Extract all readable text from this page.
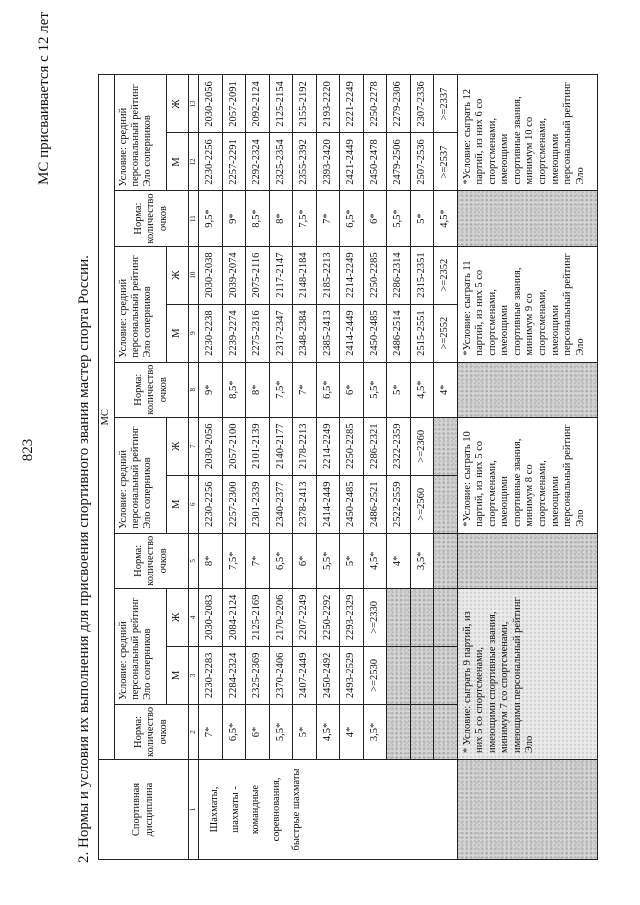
823	2. Нормы и условия их выполнения для присвоения спортивного звания мастер спорта России.
МС присваивается с 12 лет
Спортивная дисциплина	МС											
	Норма: количество очков	Условие: средний персональный рейтинг Эло соперников		Норма: количество очков	Условие: средний персональный рейтинг Эло соперников		Норма: количество очков	Условие: средний персональный рейтинг Эло соперников		Норма: количество очков	Условие: средний персональный рейтинг Эло соперников	
		М	Ж		М	Ж		М	Ж		М	Ж
1	2	3	4	5	6	7	8	9	10	11	12	13

Шахматы, шахматы - командные соревнования, быстрые шахматы	7*	2230-2283	2030-2083	8*	2230-2256	2030-2056	9*	2230-2238	2030-2038	9,5*	2230-2256	2030-2056
	6,5*	2284-2324	2084-2124	7,5*	2257-2300	2057-2100	8,5*	2239-2274	2039-2074	9*	2257-2291	2057-2091
	6*	2325-2369	2125-2169	7*	2301-2339	2101-2139	8*	2275-2316	2075-2116	8,5*	2292-2324	2092-2124
	5,5*	2370-2406	2170-2206	6,5*	2340-2377	2140-2177	7,5*	2317-2347	2117-2147	8*	2325-2354	2125-2154
	5*	2407-2449	2207-2249	6*	2378-2413	2178-2213	7*	2348-2384	2148-2184	7,5*	2355-2392	2155-2192
	4,5*	2450-2492	2250-2292	5,5*	2414-2449	2214-2249	6,5*	2385-2413	2185-2213	7*	2393-2420	2193-2220
	4*	2493-2529	2293-2329	5*	2450-2485	2250-2285	6*	2414-2449	2214-2249	6,5*	2421-2449	2221-2249
	3,5*	>=2530	>=2330	4,5*	2486-2521	2286-2321	5,5*	2450-2485	2250-2285	6*	2450-2478	2250-2278
				4*	2522-2559	2322-2359	5*	2486-2514	2286-2314	5,5*	2479-2506	2279-2306
				3,5*	>=2560	>=2360	4,5*	2515-2551	2315-2351	5*	2507-2536	2307-2336
							4*	>=2552	>=2352	4,5*	>=2537	>=2337
	* Условие: сыграть 9 партий, из них 5 со спортсменами, имеющими спортивные звания, минимум 7 со спортсменами, имеющими персональный рейтинг Эло				*Условие: сыграть 10 партий, из них 5 со спортсменами, имеющими спортивные звания, минимум 8 со спортсменами, имеющими персональный рейтинг Эло			*Условие: сыграть 11 партий, из них 5 со спортсменами, имеющими спортивные звания, минимум 9 со спортсменами, имеющими персональный рейтинг Эло			*Условие: сыграть 12 партий, из них 6 со спортсменами, имеющими спортивные звания, минимум 10 со спортсменами, имеющими персональный рейтинг Эло	
